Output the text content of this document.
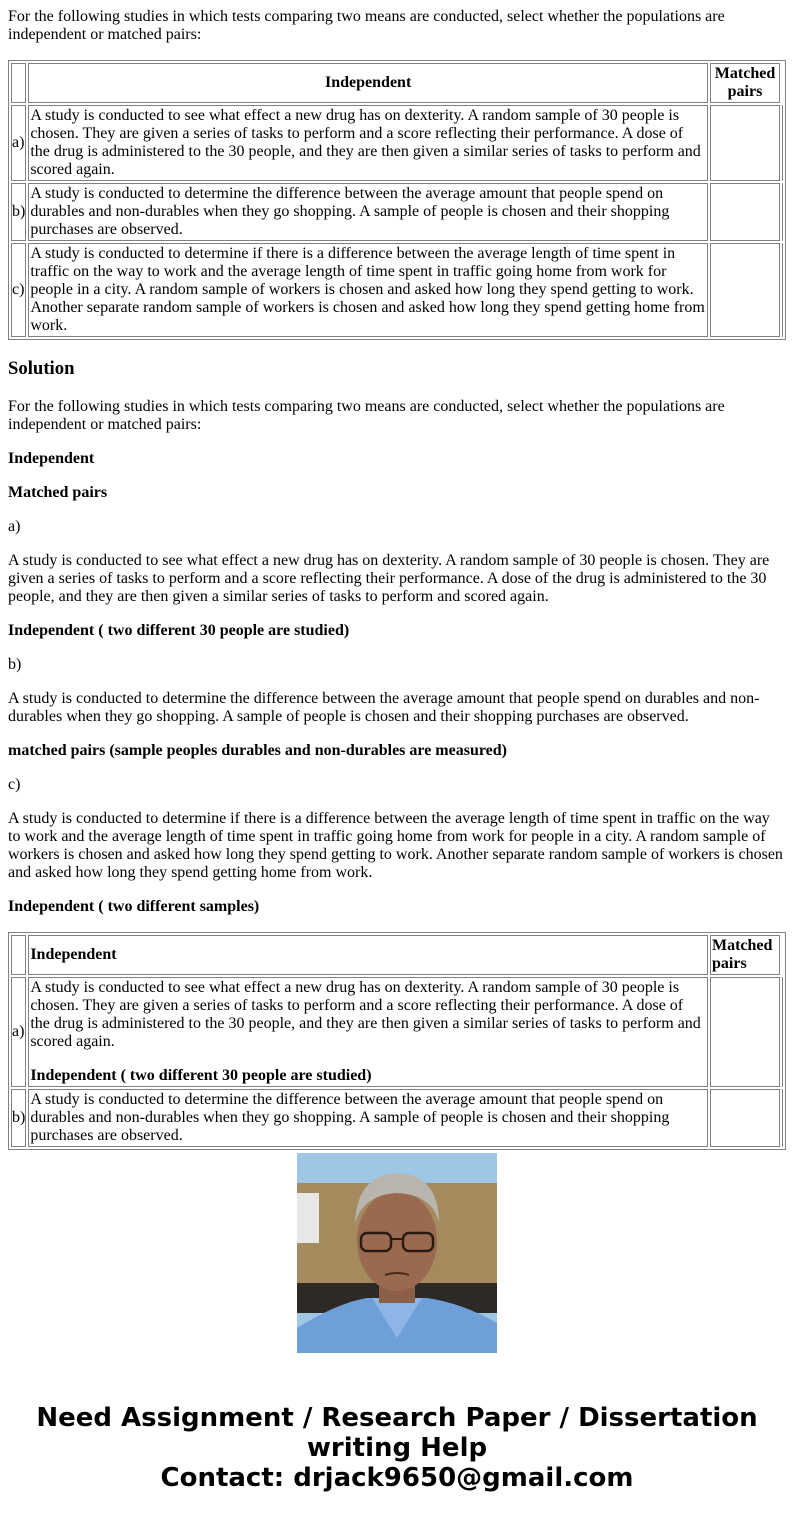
For the following studies in which tests comparing two means are conducted, select whether the populations are independent or matched pairs:

	Independent	Matched pairs	
a)	A study is conducted to see what effect a new drug has on dexterity. A random sample of 30 people is chosen. They are given a series of tasks to perform and a score reflecting their performance. A dose of the drug is administered to the 30 people, and they are then given a similar series of tasks to perform and scored again.		
b)	A study is conducted to determine the difference between the average amount that people spend on durables and non-durables when they go shopping. A sample of people is chosen and their shopping purchases are observed.		
c)	A study is conducted to determine if there is a difference between the average length of time spent in traffic on the way to work and the average length of time spent in traffic going home from work for people in a city. A random sample of workers is chosen and asked how long they spend getting to work. Another separate random sample of workers is chosen and asked how long they spend getting home from work.		
Solution

For the following studies in which tests comparing two means are conducted, select whether the populations are independent or matched pairs:

Independent

Matched pairs

a)

A study is conducted to see what effect a new drug has on dexterity. A random sample of 30 people is chosen. They are given a series of tasks to perform and a score reflecting their performance. A dose of the drug is administered to the 30 people, and they are then given a similar series of tasks to perform and scored again.

Independent ( two different 30 people are studied)

b)

A study is conducted to determine the difference between the average amount that people spend on durables and non-durables when they go shopping. A sample of people is chosen and their shopping purchases are observed.

matched pairs (sample peoples durables and non-durables are measured)

c)

A study is conducted to determine if there is a difference between the average length of time spent in traffic on the way to work and the average length of time spent in traffic going home from work for people in a city. A random sample of workers is chosen and asked how long they spend getting to work. Another separate random sample of workers is chosen and asked how long they spend getting home from work.

Independent ( two different samples)

	Independent	Matched pairs	
a)	A study is conducted to see what effect a new drug has on dexterity. A random sample of 30 people is chosen. They are given a series of tasks to perform and a score reflecting their performance. A dose of the drug is administered to the 30 people, and they are then given a similar series of tasks to perform and scored again.
Independent ( two different 30 people are studied)		

b)	A study is conducted to determine the difference between the average amount that people spend on durables and non-durables when they go shopping. A sample of people is chosen and their shopping purchases are observed.		
Need Assignment / Research Paper / Dissertation writing Help
Contact: drjack9650@gmail.com
